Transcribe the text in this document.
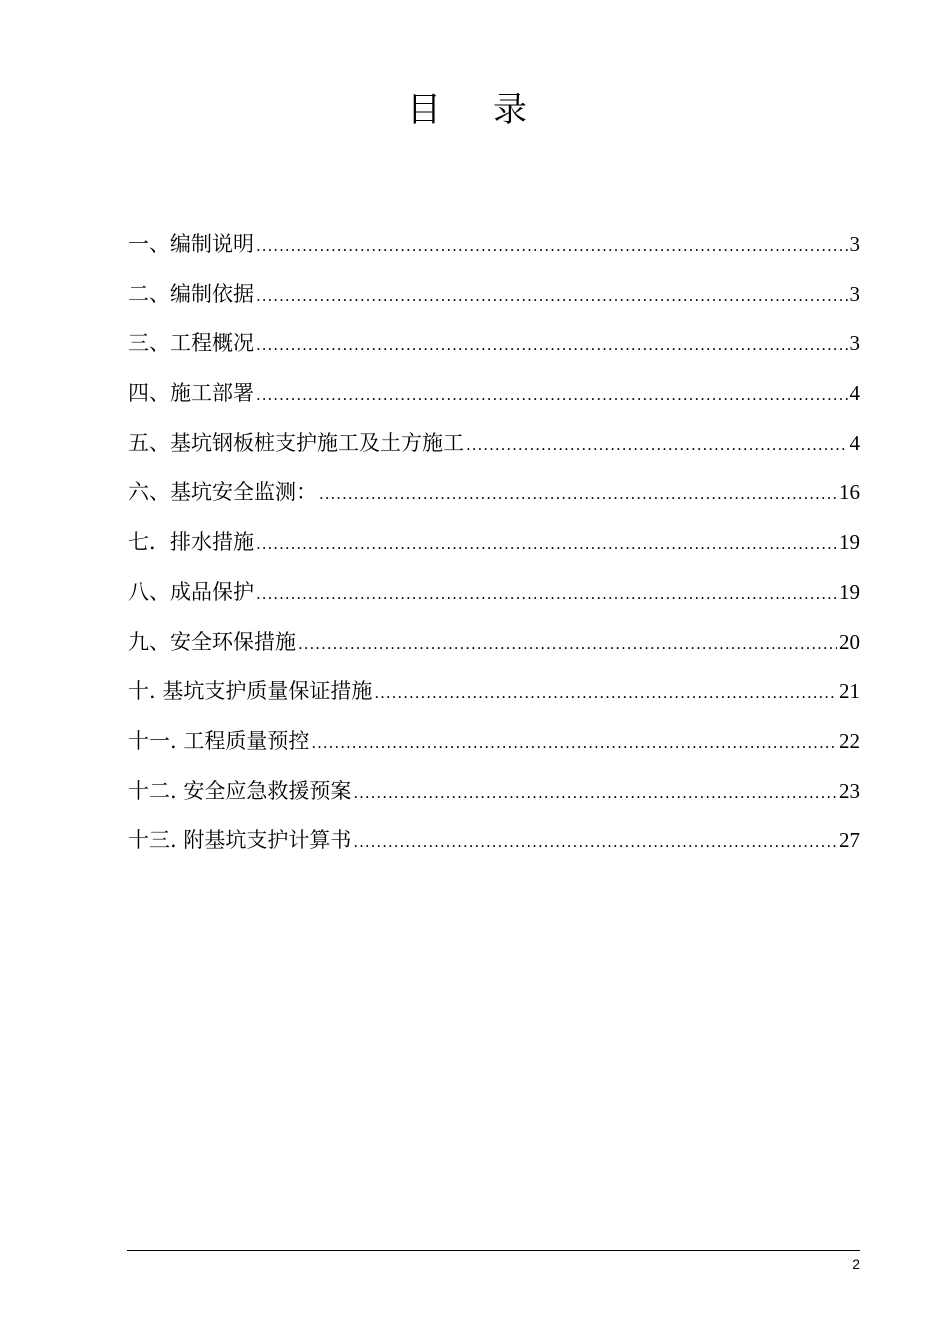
目录
一、编制说明 .....	3
二、编制依据 .....	3
三、工程概况 .....	3
四、施工部署 .....	4
五、基坑钢板桩支护施工及土方施工 .....	4
六、基坑安全监测： .....	16
七．排水措施 .....	19
八、成品保护 .....	19
九、安全环保措施 .....	20
十. 基坑支护质量保证措施 .....	21
十一. 工程质量预控 .....	22
十二. 安全应急救援预案 .....	23
十三. 附基坑支护计算书 .....	27
2
